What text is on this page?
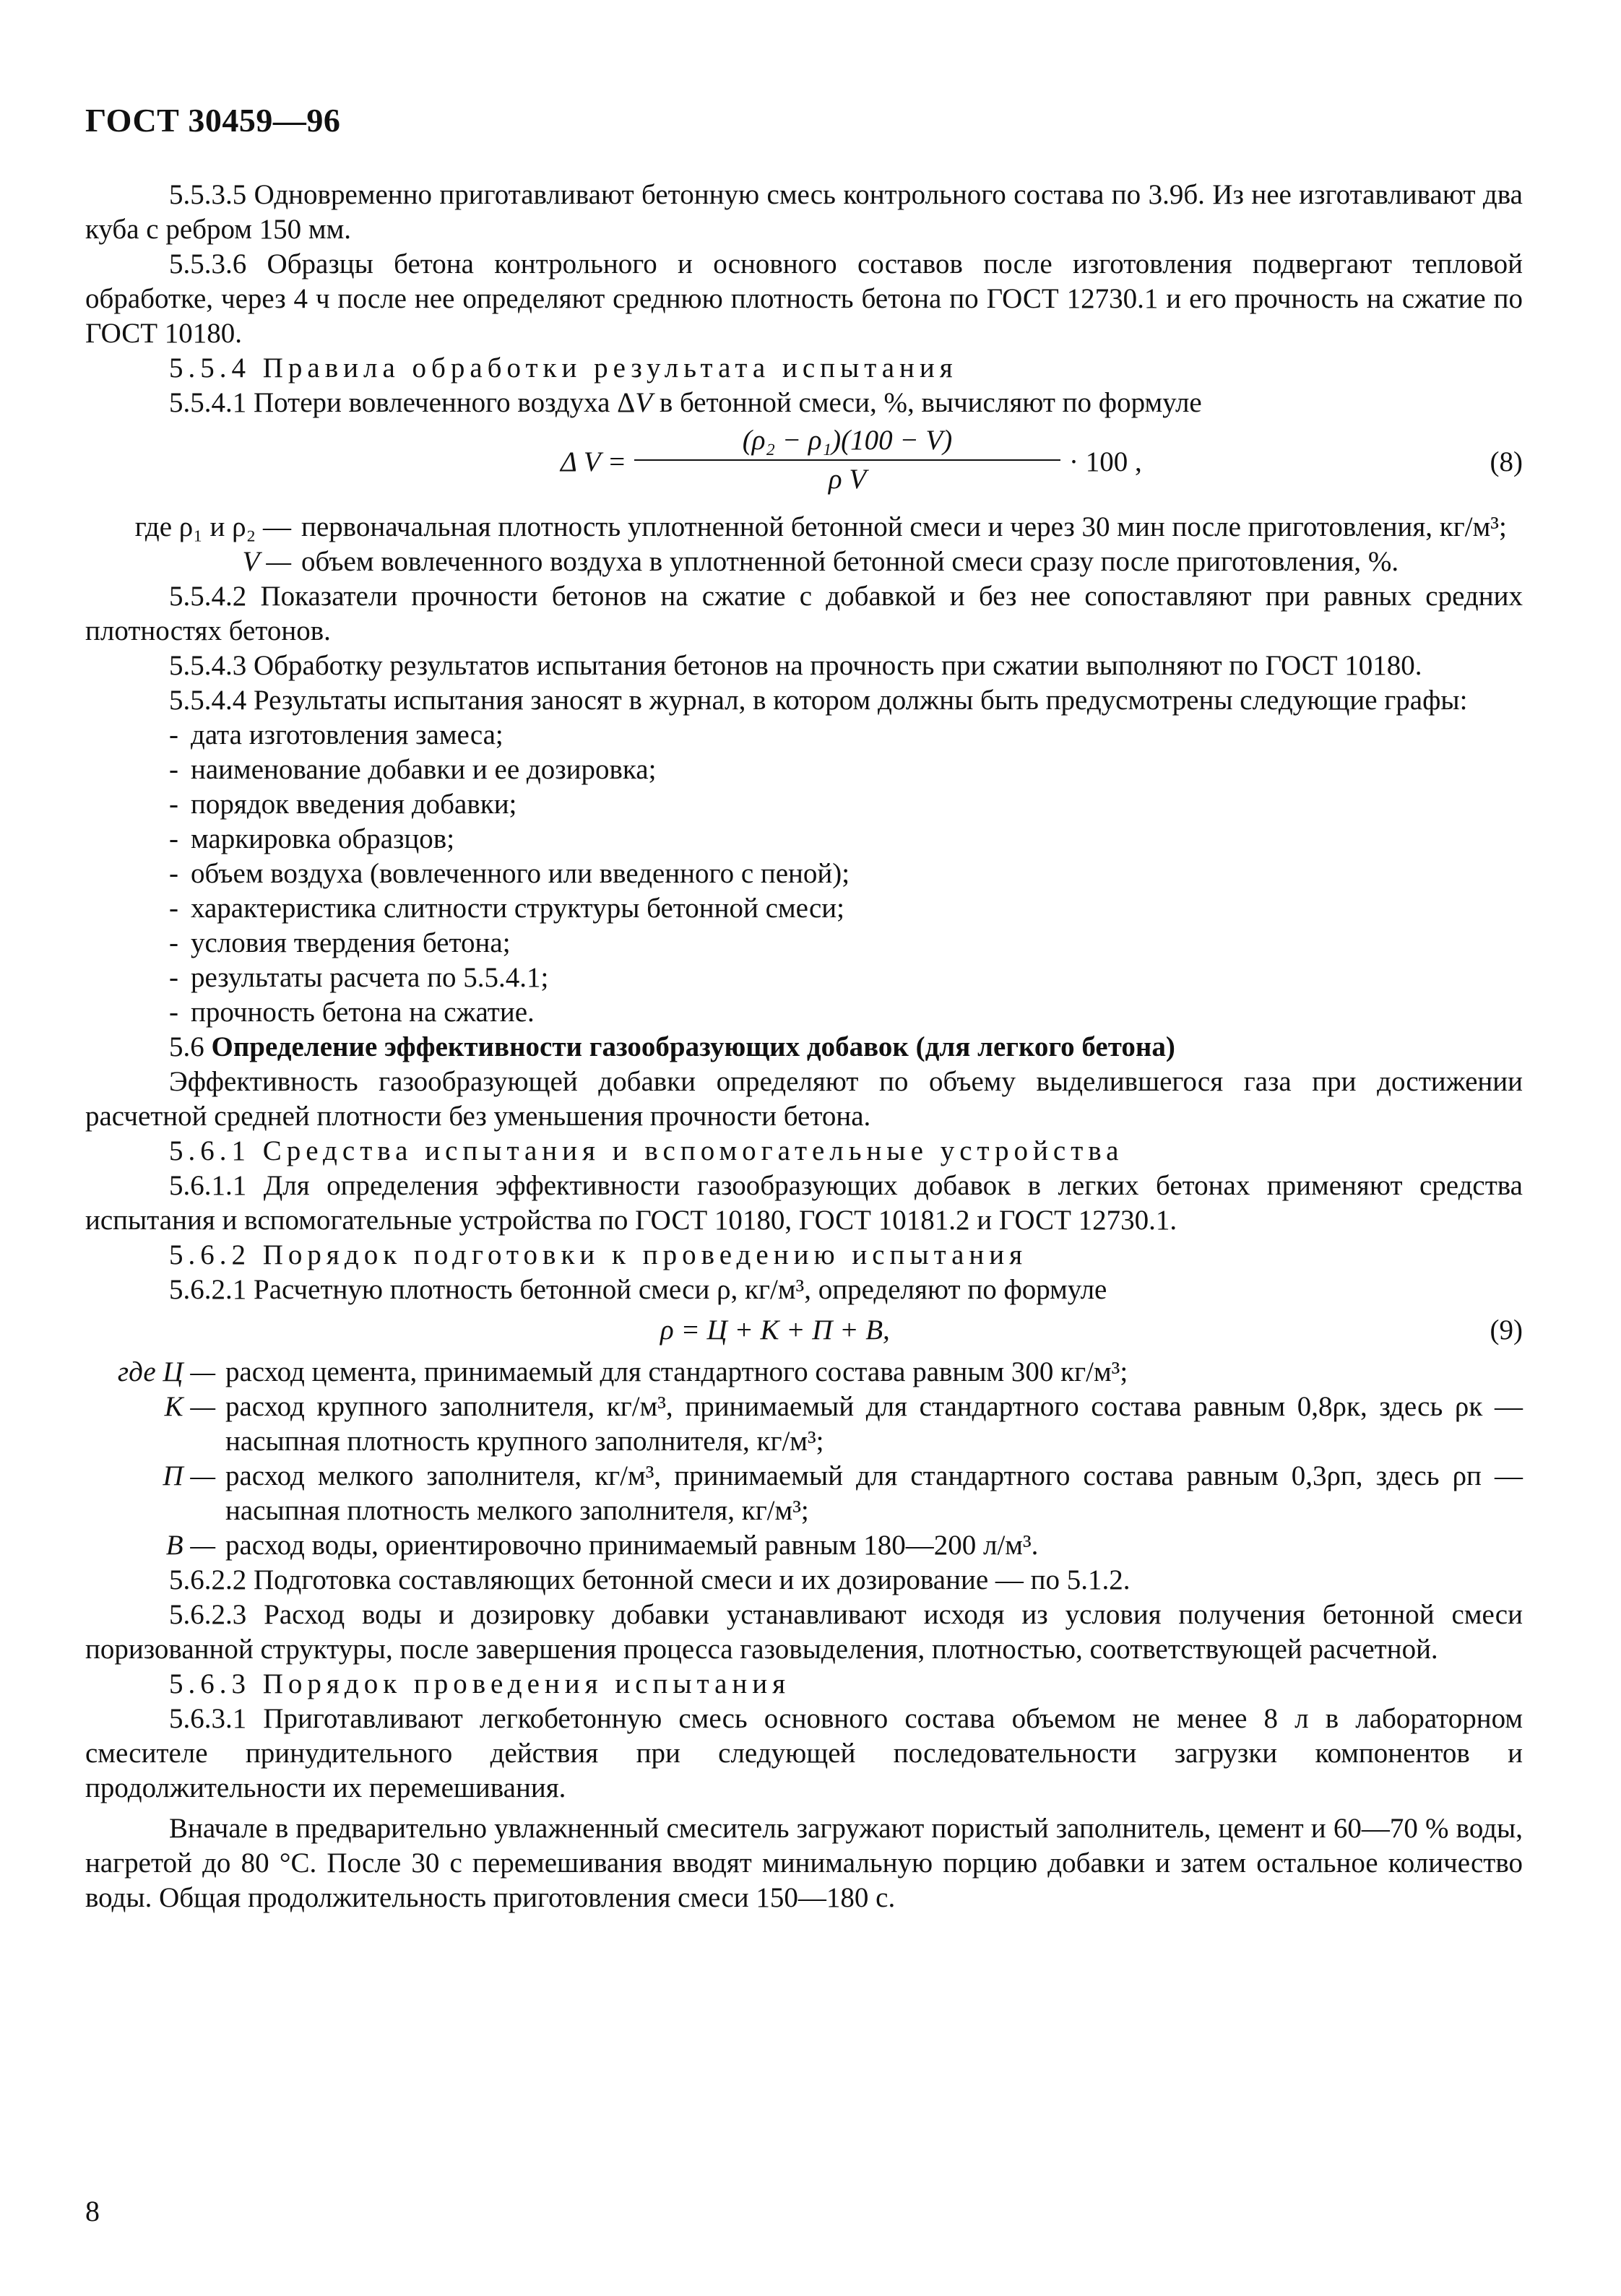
ГОСТ 30459—96

5.5.3.5 Одновременно приготавливают бетонную смесь контрольного состава по 3.9б. Из нее изготавливают два куба с ребром 150 мм.

5.5.3.6 Образцы бетона контрольного и основного составов после изготовления подвергают тепловой обработке, через 4 ч после нее определяют среднюю плотность бетона по ГОСТ 12730.1 и его прочность на сжатие по ГОСТ 10180.

5.5.4 Правила обработки результата испытания

5.5.4.1 Потери вовлеченного воздуха ΔV в бетонной смеси, %, вычисляют по формуле

Δ $V = \frac{\text{(ρ₂ − ρ₁)(100 − V)}}{\text{ρ V}} \cdot 100$ ,	(8)
где ρ₁ и ρ₂ — первоначальная плотность уплотненной бетонной смеси и через 30 мин после приготовления, кг/м³;
V — объем вовлеченного воздуха в уплотненной бетонной смеси сразу после приготовления, %.

5.5.4.2 Показатели прочности бетонов на сжатие с добавкой и без нее сопоставляют при равных средних плотностях бетонов.

5.5.4.3 Обработку результатов испытания бетонов на прочность при сжатии выполняют по ГОСТ 10180.

5.5.4.4 Результаты испытания заносят в журнал, в котором должны быть предусмотрены следующие графы:

- дата изготовления замеса;
- наименование добавки и ее дозировка;
- порядок введения добавки;
- маркировка образцов;
- объем воздуха (вовлеченного или введенного с пеной);
- характеристика слитности структуры бетонной смеси;
- условия твердения бетона;
- результаты расчета по 5.5.4.1;
- прочность бетона на сжатие.

5.6 Определение эффективности газообразующих добавок (для легкого бетона)

Эффективность газообразующей добавки определяют по объему выделившегося газа при достижении расчетной средней плотности без уменьшения прочности бетона.

5.6.1 Средства испытания и вспомогательные устройства

5.6.1.1 Для определения эффективности газообразующих добавок в легких бетонах применяют средства испытания и вспомогательные устройства по ГОСТ 10180, ГОСТ 10181.2 и ГОСТ 12730.1.

5.6.2 Порядок подготовки к проведению испытания

5.6.2.1 Расчетную плотность бетонной смеси ρ, кг/м³, определяют по формуле

ρ = Ц + К + П + В,	(9)
где Ц — расход цемента, принимаемый для стандартного состава равным 300 кг/м³;
К — расход крупного заполнителя, кг/м³, принимаемый для стандартного состава равным 0,8ρк, здесь ρк — насыпная плотность крупного заполнителя, кг/м³;
П — расход мелкого заполнителя, кг/м³, принимаемый для стандартного состава равным 0,3ρп, здесь ρп — насыпная плотность мелкого заполнителя, кг/м³;
В — расход воды, ориентировочно принимаемый равным 180—200 л/м³.

5.6.2.2 Подготовка составляющих бетонной смеси и их дозирование — по 5.1.2.

5.6.2.3 Расход воды и дозировку добавки устанавливают исходя из условия получения бетонной смеси поризованной структуры, после завершения процесса газовыделения, плотностью, соответствующей расчетной.

5.6.3 Порядок проведения испытания

5.6.3.1 Приготавливают легкобетонную смесь основного состава объемом не менее 8 л в лабораторном смесителе принудительного действия при следующей последовательности загрузки компонентов и продолжительности их перемешивания.

Вначале в предварительно увлажненный смеситель загружают пористый заполнитель, цемент и 60—70 % воды, нагретой до 80 °С. После 30 с перемешивания вводят минимальную порцию добавки и затем остальное количество воды. Общая продолжительность приготовления смеси 150—180 с.

8
